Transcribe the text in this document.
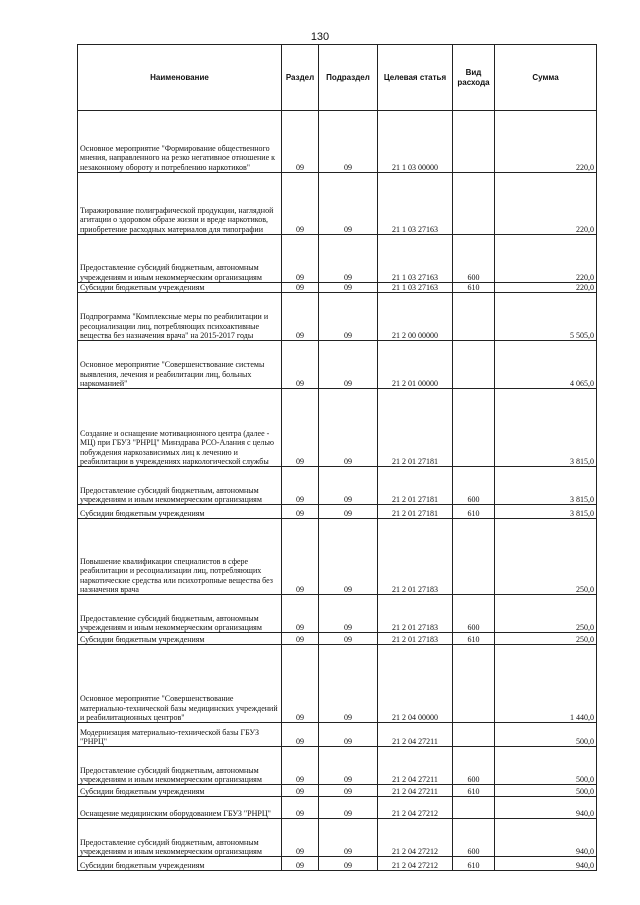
130
Наименование	Раздел	Подраздел	Целевая статья	Вид расхода	Сумма
Основное мероприятие "Формирование общественного мнения, направленного на резко негативное отношение к незаконному обороту и потреблению наркотиков"	09	09	21 1 03 00000		220,0
Тиражирование полиграфической продукции, наглядной агитации о здоровом образе жизни и вреде наркотиков, приобретение расходных материалов для типографии	09	09	21 1 03 27163		220,0
Предоставление субсидий бюджетным, автономным учреждениям и иным некоммерческим организациям	09	09	21 1 03 27163	600	220,0
Субсидии бюджетным учреждениям	09	09	21 1 03 27163	610	220,0
Подпрограмма "Комплексные меры по реабилитации и ресоциализации лиц, потребляющих психоактивные вещества без назначения врача" на 2015-2017 годы	09	09	21 2 00 00000		5 505,0
Основное мероприятие "Совершенствование системы выявления, лечения и реабилитации лиц, больных наркоманией"	09	09	21 2 01 00000		4 065,0
Создание и оснащение мотивационного центра (далее - МЦ) при ГБУЗ "РНРЦ" Минздрава РСО-Алания с целью побуждения наркозависимых лиц к лечению и реабилитации в учреждениях наркологической службы	09	09	21 2 01 27181		3 815,0
Предоставление субсидий бюджетным, автономным учреждениям и иным некоммерческим организациям	09	09	21 2 01 27181	600	3 815,0
Субсидии бюджетным учреждениям	09	09	21 2 01 27181	610	3 815,0
Повышение квалификации специалистов в сфере реабилитации и ресоциализации лиц, потребляющих наркотические средства или психотропные вещества без назначения врача	09	09	21 2 01 27183		250,0
Предоставление субсидий бюджетным, автономным учреждениям и иным некоммерческим организациям	09	09	21 2 01 27183	600	250,0
Субсидии бюджетным учреждениям	09	09	21 2 01 27183	610	250,0
Основное мероприятие "Совершенствование материально-технической базы медицинских учреждений и реабилитационных центров"	09	09	21 2 04 00000		1 440,0
Модернизация материально-технической базы ГБУЗ "РНРЦ"	09	09	21 2 04 27211		500,0
Предоставление субсидий бюджетным, автономным учреждениям и иным некоммерческим организациям	09	09	21 2 04 27211	600	500,0
Субсидии бюджетным учреждениям	09	09	21 2 04 27211	610	500,0
Оснащение медицинским оборудованием ГБУЗ "РНРЦ"	09	09	21 2 04 27212		940,0
Предоставление субсидий бюджетным, автономным учреждениям и иным некоммерческим организациям	09	09	21 2 04 27212	600	940,0
Субсидии бюджетным учреждениям	09	09	21 2 04 27212	610	940,0
